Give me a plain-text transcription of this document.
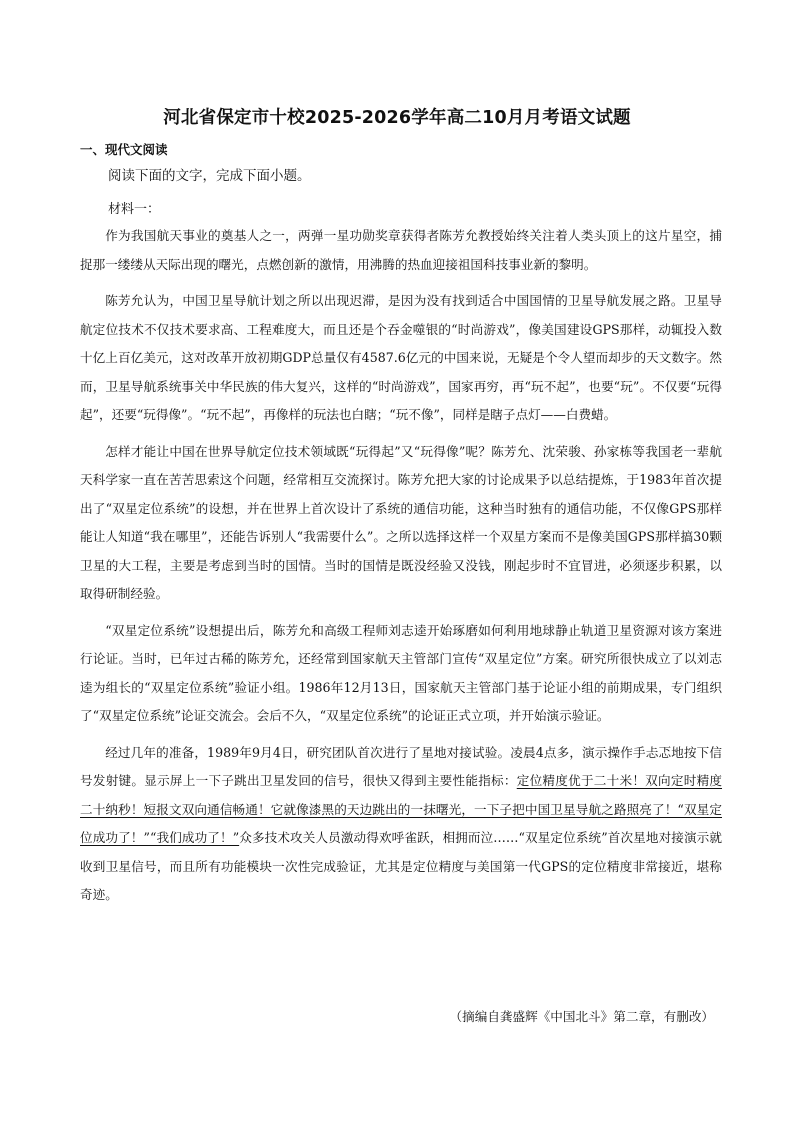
河北省保定市十校2025-2026学年高二10月月考语文试题
一、现代文阅读
阅读下面的文字，完成下面小题。
材料一：

作为我国航天事业的奠基人之一，两弹一星功勋奖章获得者陈芳允教授始终关注着人类头顶上的这片星空，捕捉那一缕缕从天际出现的曙光，点燃创新的激情，用沸腾的热血迎接祖国科技事业新的黎明。

陈芳允认为，中国卫星导航计划之所以出现迟滞，是因为没有找到适合中国国情的卫星导航发展之路。卫星导航定位技术不仅技术要求高、工程难度大，而且还是个吞金噬银的“时尚游戏”，像美国建设GPS那样，动辄投入数十亿上百亿美元，这对改革开放初期GDP总量仅有4587.6亿元的中国来说，无疑是个令人望而却步的天文数字。然而，卫星导航系统事关中华民族的伟大复兴，这样的“时尚游戏”，国家再穷，再“玩不起”，也要“玩”。不仅要“玩得起”，还要“玩得像”。“玩不起”，再像样的玩法也白瞎；“玩不像”，同样是瞎子点灯——白费蜡。

怎样才能让中国在世界导航定位技术领域既“玩得起”又“玩得像”呢？陈芳允、沈荣骏、孙家栋等我国老一辈航天科学家一直在苦苦思索这个问题，经常相互交流探讨。陈芳允把大家的讨论成果予以总结提炼，于1983年首次提出了“双星定位系统”的设想，并在世界上首次设计了系统的通信功能，这种当时独有的通信功能，不仅像GPS那样能让人知道“我在哪里”，还能告诉别人“我需要什么”。之所以选择这样一个双星方案而不是像美国GPS那样搞30颗卫星的大工程，主要是考虑到当时的国情。当时的国情是既没经验又没钱，刚起步时不宜冒进，必须逐步积累，以取得研制经验。

“双星定位系统”设想提出后，陈芳允和高级工程师刘志逵开始琢磨如何利用地球静止轨道卫星资源对该方案进行论证。当时，已年过古稀的陈芳允，还经常到国家航天主管部门宣传“双星定位”方案。研究所很快成立了以刘志逵为组长的“双星定位系统”验证小组。1986年12月13日，国家航天主管部门基于论证小组的前期成果，专门组织了“双星定位系统”论证交流会。会后不久，“双星定位系统”的论证正式立项，并开始演示验证。

经过几年的准备，1989年9月4日，研究团队首次进行了星地对接试验。凌晨4点多，演示操作手忐忑地按下信号发射键。显示屏上一下子跳出卫星发回的信号，很快又得到主要性能指标：定位精度优于二十米！双向定时精度二十纳秒！短报文双向通信畅通！它就像漆黑的天边跳出的一抹曙光，一下子把中国卫星导航之路照亮了！“双星定位成功了！”“我们成功了！”众多技术攻关人员激动得欢呼雀跃，相拥而泣……“双星定位系统”首次星地对接演示就收到卫星信号，而且所有功能模块一次性完成验证，尤其是定位精度与美国第一代GPS的定位精度非常接近，堪称奇迹。

（摘编自龚盛辉《中国北斗》第二章，有删改）
